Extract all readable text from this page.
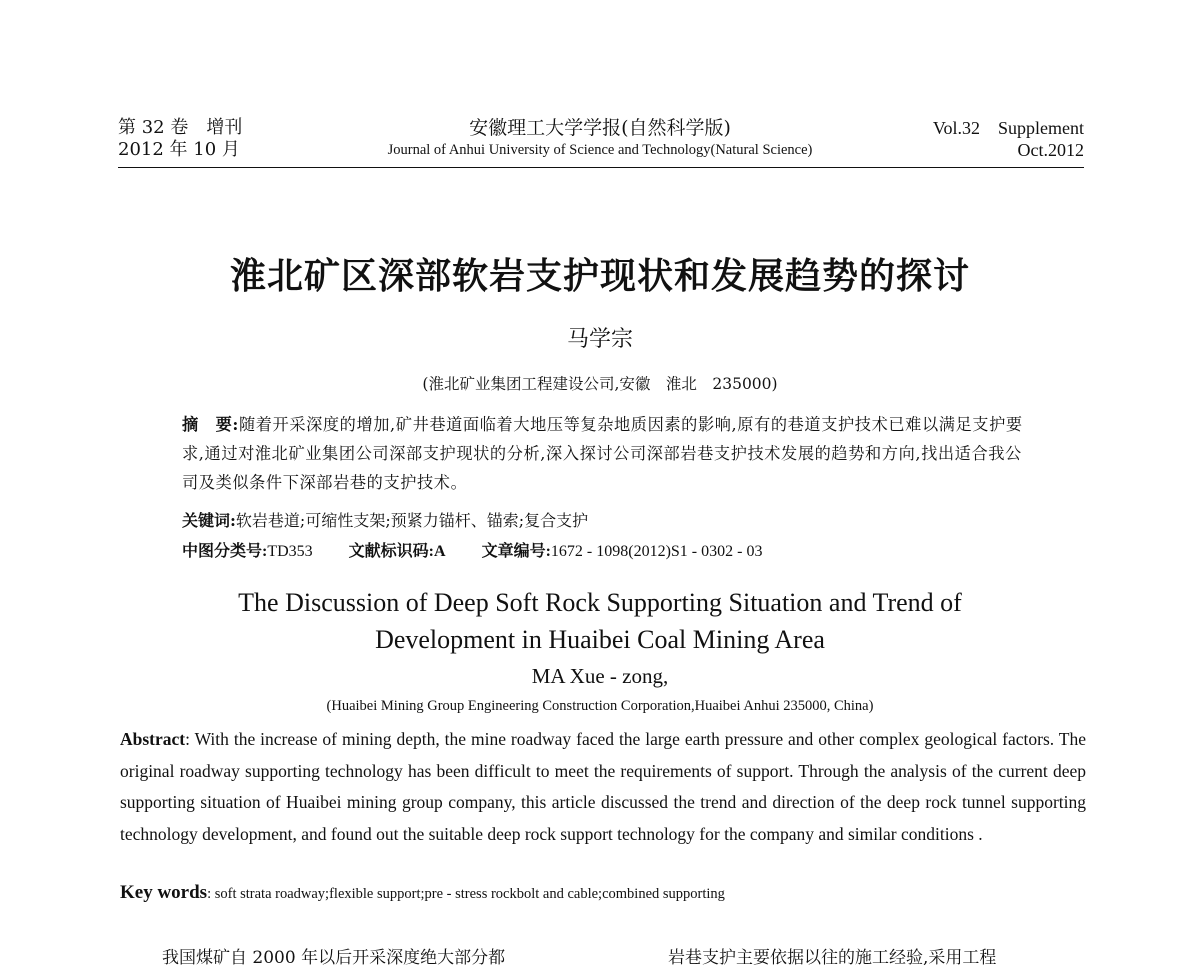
第 32 卷　增刊
2012 年 10 月
安徽理工大学学报(自然科学版)
Journal of Anhui University of Science and Technology(Natural Science)
Vol.32　Supplement
Oct.2012
淮北矿区深部软岩支护现状和发展趋势的探讨
马学宗
(淮北矿业集团工程建设公司,安徽　淮北　235000)
摘　要:随着开采深度的增加,矿井巷道面临着大地压等复杂地质因素的影响,原有的巷道支护技术已难以满足支护要求,通过对淮北矿业集团公司深部支护现状的分析,深入探讨公司深部岩巷支护技术发展的趋势和方向,找出适合我公司及类似条件下深部岩巷的支护技术。
关键词:软岩巷道;可缩性支架;预紧力锚杆、锚索;复合支护
中图分类号:TD353 文献标识码:A 文章编号:1672 - 1098(2012)S1 - 0302 - 03
The Discussion of Deep Soft Rock Supporting Situation and Trend of
Development in Huaibei Coal Mining Area
MA Xue - zong,
(Huaibei Mining Group Engineering Construction Corporation,Huaibei Anhui 235000, China)
Abstract: With the increase of mining depth, the mine roadway faced the large earth pressure and other complex geological factors. The original roadway supporting technology has been difficult to meet the requirements of support. Through the analysis of the current deep supporting situation of Huaibei mining group company, this article discussed the trend and direction of the deep rock tunnel supporting technology development, and found out the suitable deep rock support technology for the company and similar conditions .
Key words: soft strata roadway;flexible support;pre - stress rockbolt and cable;combined supporting
我国煤矿自 2000 年以后开采深度绝大部分都	岩巷支护主要依据以往的施工经验,采用工程
